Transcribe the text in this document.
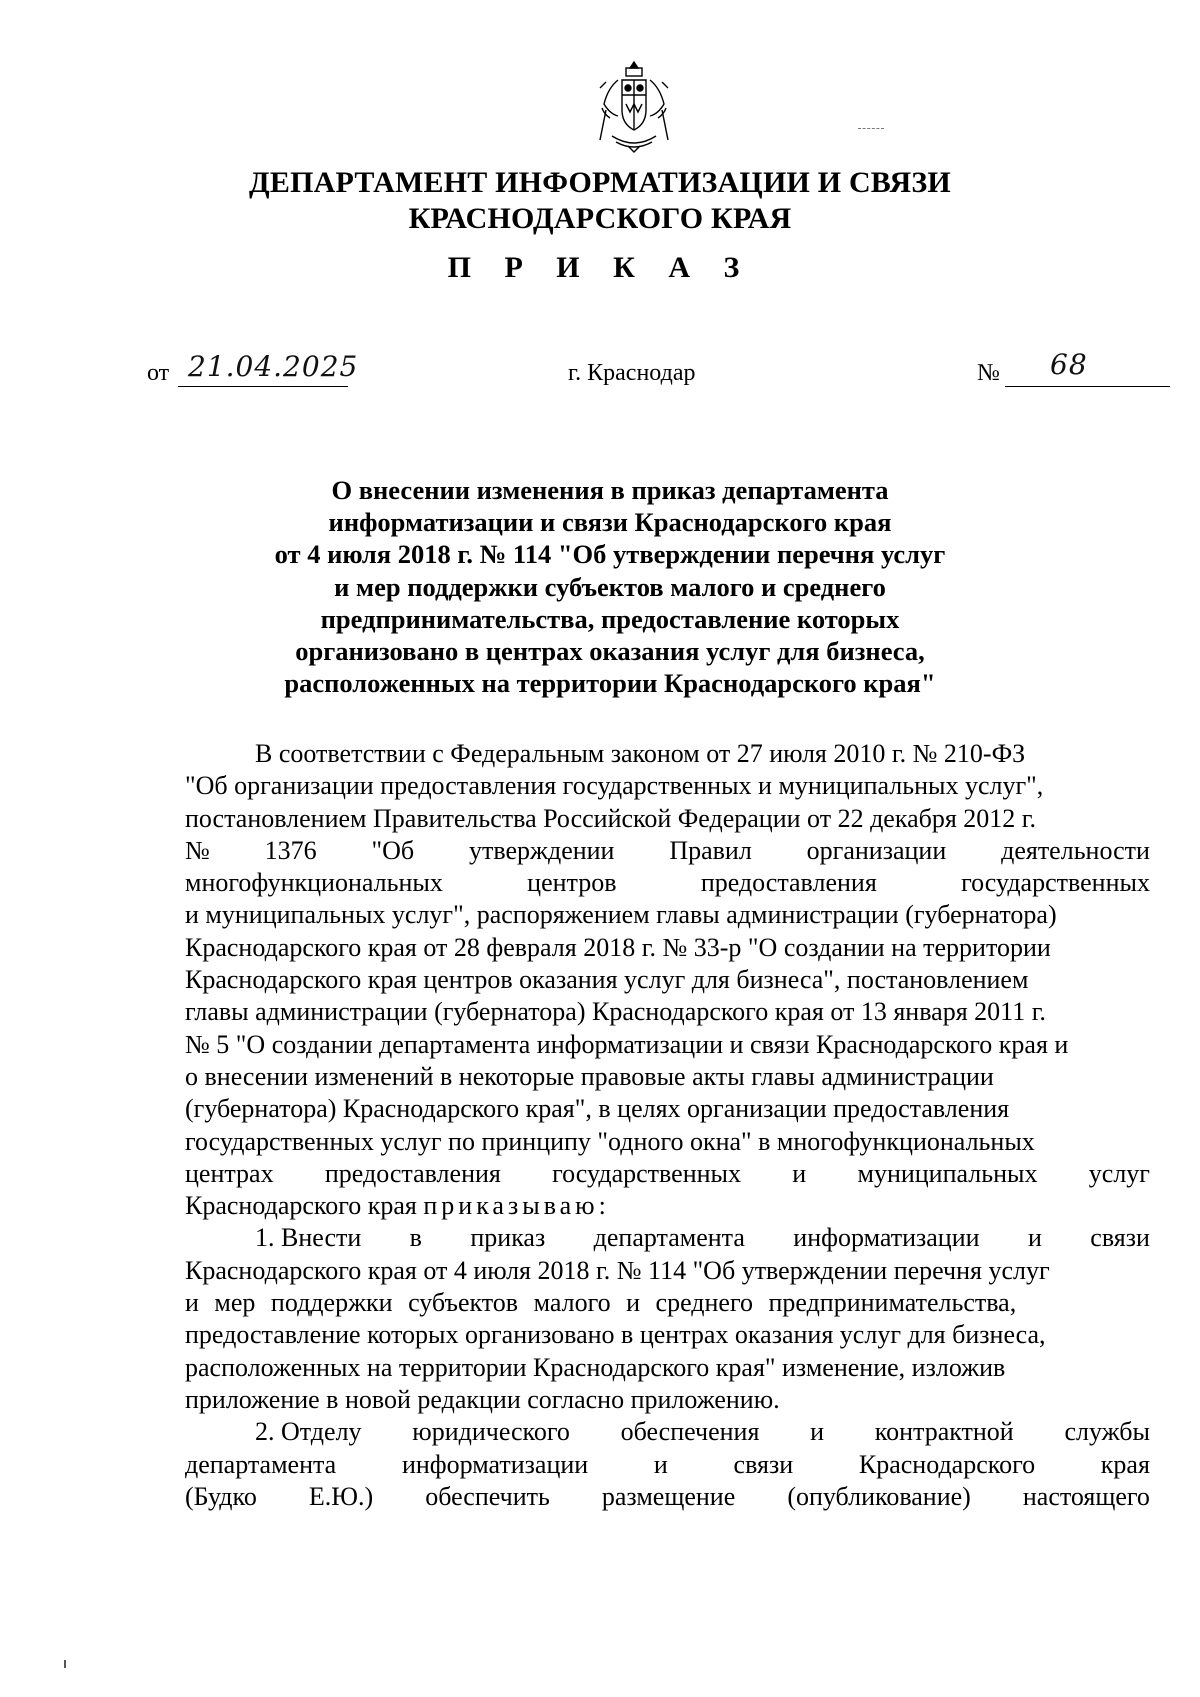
ДЕПАРТАМЕНТ ИНФОРМАТИЗАЦИИ И СВЯЗИ
КРАСНОДАРСКОГО КРАЯ
П Р И К А З
от 21.04.2025	г. Краснодар	№ 68
О внесении изменения в приказ департамента
информатизации и связи Краснодарского края
от 4 июля 2018 г. № 114 "Об утверждении перечня услуг
и мер поддержки субъектов малого и среднего
предпринимательства, предоставление которых
организовано в центрах оказания услуг для бизнеса,
расположенных на территории Краснодарского края"
В соответствии с Федеральным законом от 27 июля 2010 г. № 210-ФЗ
"Об организации предоставления государственных и муниципальных услуг",
постановлением Правительства Российской Федерации от 22 декабря 2012 г.
№ 1376 "Об утверждении Правил организации деятельности
многофункциональных	центров	предоставления	государственных
и муниципальных услуг", распоряжением главы администрации (губернатора)
Краснодарского края от 28 февраля 2018 г. № 33-р "О создании на территории
Краснодарского края центров оказания услуг для бизнеса", постановлением
главы администрации (губернатора) Краснодарского края от 13 января 2011 г.
№ 5 "О создании департамента информатизации и связи Краснодарского края и
о внесении изменений в некоторые правовые акты главы администрации
(губернатора) Краснодарского края", в целях организации предоставления
государственных услуг по принципу "одного окна" в многофункциональных
центрах предоставления государственных и муниципальных услуг
Краснодарского края приказываю:
1. Внести в приказ департамента информатизации и связи
Краснодарского края от 4 июля 2018 г. № 114 "Об утверждении перечня услуг
и мер поддержки субъектов малого и среднего предпринимательства,
предоставление которых организовано в центрах оказания услуг для бизнеса,
расположенных на территории Краснодарского края" изменение, изложив
приложение в новой редакции согласно приложению.
2. Отделу юридического обеспечения и контрактной службы
департамента	информатизации	и	связи	Краснодарского	края
(Будко Е.Ю.) обеспечить размещение (опубликование) настоящего
